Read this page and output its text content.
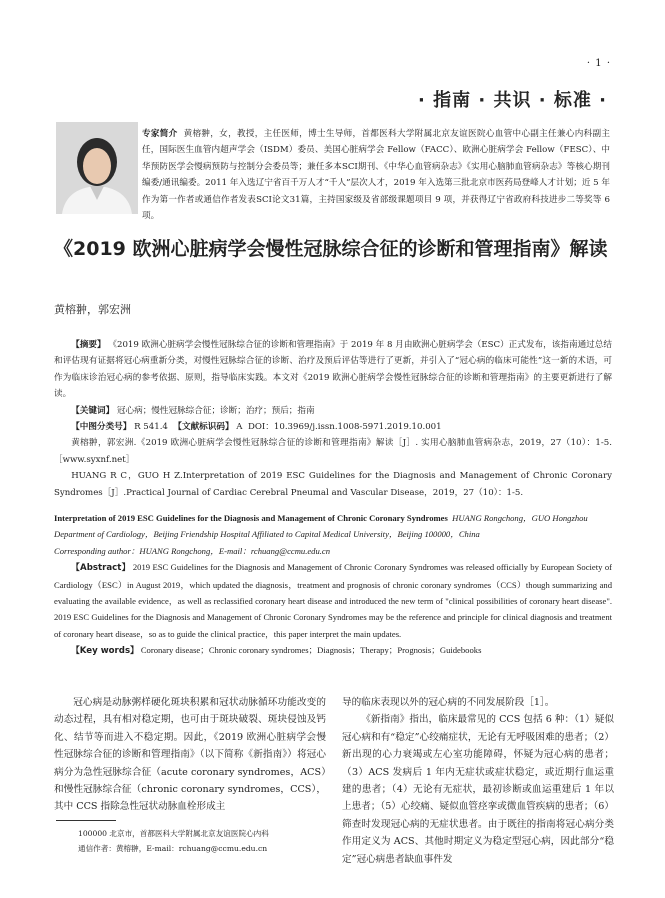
· 1 ·
· 指南 · 共识 · 标准 ·
专家简介 黄榕翀，女，教授，主任医师，博士生导师，首都医科大学附属北京友谊医院心血管中心副主任兼心内科副主任，国际医生血管内超声学会（ISDM）委员、美国心脏病学会 Fellow（FACC）、欧洲心脏病学会 Fellow（FESC）、中华预防医学会慢病预防与控制分会委员等；兼任多本SCI期刊、《中华心血管病杂志》《实用心脑肺血管病杂志》等核心期刊编委/通讯编委。2011 年入选辽宁省百千万人才“千人”层次人才，2019 年入选第三批北京市医药局登峰人才计划；近 5 年作为第一作者或通信作者发表SCI论文31篇，主持国家级及省部级课题项目 9 项，并获得辽宁省政府科技进步二等奖等 6 项。
《2019 欧洲心脏病学会慢性冠脉综合征的诊断和管理指南》解读
黄榕翀，郭宏洲

【摘要】 《2019 欧洲心脏病学会慢性冠脉综合征的诊断和管理指南》于 2019 年 8 月由欧洲心脏病学会（ESC）正式发布，该指南通过总结和评估现有证据将冠心病重新分类，对慢性冠脉综合征的诊断、治疗及预后评估等进行了更新，并引入了“冠心病的临床可能性”这一新的术语，可作为临床诊治冠心病的参考依据、原则，指导临床实践。本文对《2019 欧洲心脏病学会慢性冠脉综合征的诊断和管理指南》的主要更新进行了解读。

【关键词】 冠心病；慢性冠脉综合征；诊断；治疗；预后；指南

【中图分类号】 R 541.4 【文献标识码】 A DOI：10.3969/j.issn.1008-5971.2019.10.001

黄榕翀，郭宏洲.《2019 欧洲心脏病学会慢性冠脉综合征的诊断和管理指南》解读［J］. 实用心脑肺血管病杂志，2019，27（10）：1-5.［www.syxnf.net］

HUANG R C，GUO H Z.Interpretation of 2019 ESC Guidelines for the Diagnosis and Management of Chronic Coronary Syndromes［J］.Practical Journal of Cardiac Cerebral Pneumal and Vascular Disease，2019，27（10）：1-5.

Interpretation of 2019 ESC Guidelines for the Diagnosis and Management of Chronic Coronary Syndromes HUANG Rongchong，GUO Hongzhou

Department of Cardiology，Beijing Friendship Hospital Affiliated to Capital Medical University，Beijing 100000，China

Corresponding author：HUANG Rongchong，E-mail：rchuang@ccmu.edu.cn

【Abstract】 2019 ESC Guidelines for the Diagnosis and Management of Chronic Coronary Syndromes was released officially by European Society of Cardiology（ESC）in August 2019，which updated the diagnosis，treatment and prognosis of chronic coronary syndromes（CCS）though summarizing and evaluating the available evidence，as well as reclassified coronary heart disease and introduced the new term of "clinical possibilities of coronary heart disease". 2019 ESC Guidelines for the Diagnosis and Management of Chronic Coronary Syndromes may be the reference and principle for clinical diagnosis and treatment of coronary heart disease，so as to guide the clinical practice，this paper interpret the main updates.

【Key words】 Coronary disease；Chronic coronary syndromes；Diagnosis；Therapy；Prognosis；Guidebooks

冠心病是动脉粥样硬化斑块积累和冠状动脉循环功能改变的动态过程，具有相对稳定期，也可由于斑块破裂、斑块侵蚀及钙化、结节等而进入不稳定期。因此，《2019 欧洲心脏病学会慢性冠脉综合征的诊断和管理指南》（以下简称《新指南》）将冠心病分为急性冠脉综合征（acute coronary syndromes，ACS）和慢性冠脉综合征（chronic coronary syndromes，CCS），其中 CCS 指除急性冠状动脉血栓形成主

导的临床表现以外的冠心病的不同发展阶段［1］。

《新指南》指出，临床最常见的 CCS 包括 6 种：（1）疑似冠心病和有“稳定”心绞痛症状，无论有无呼吸困难的患者；（2）新出现的心力衰竭或左心室功能障碍，怀疑为冠心病的患者；（3）ACS 发病后 1 年内无症状或症状稳定，或近期行血运重建的患者；（4）无论有无症状，最初诊断或血运重建后 1 年以上患者；（5）心绞痛、疑似血管痉挛或微血管疾病的患者；（6）筛查时发现冠心病的无症状患者。由于既往的指南将冠心病分类作用定义为 ACS、其他时期定义为稳定型冠心病，因此部分“稳定”冠心病患者缺血事件发

100000 北京市，首都医科大学附属北京友谊医院心内科
通信作者：黄榕翀，E-mail：rchuang@ccmu.edu.cn
